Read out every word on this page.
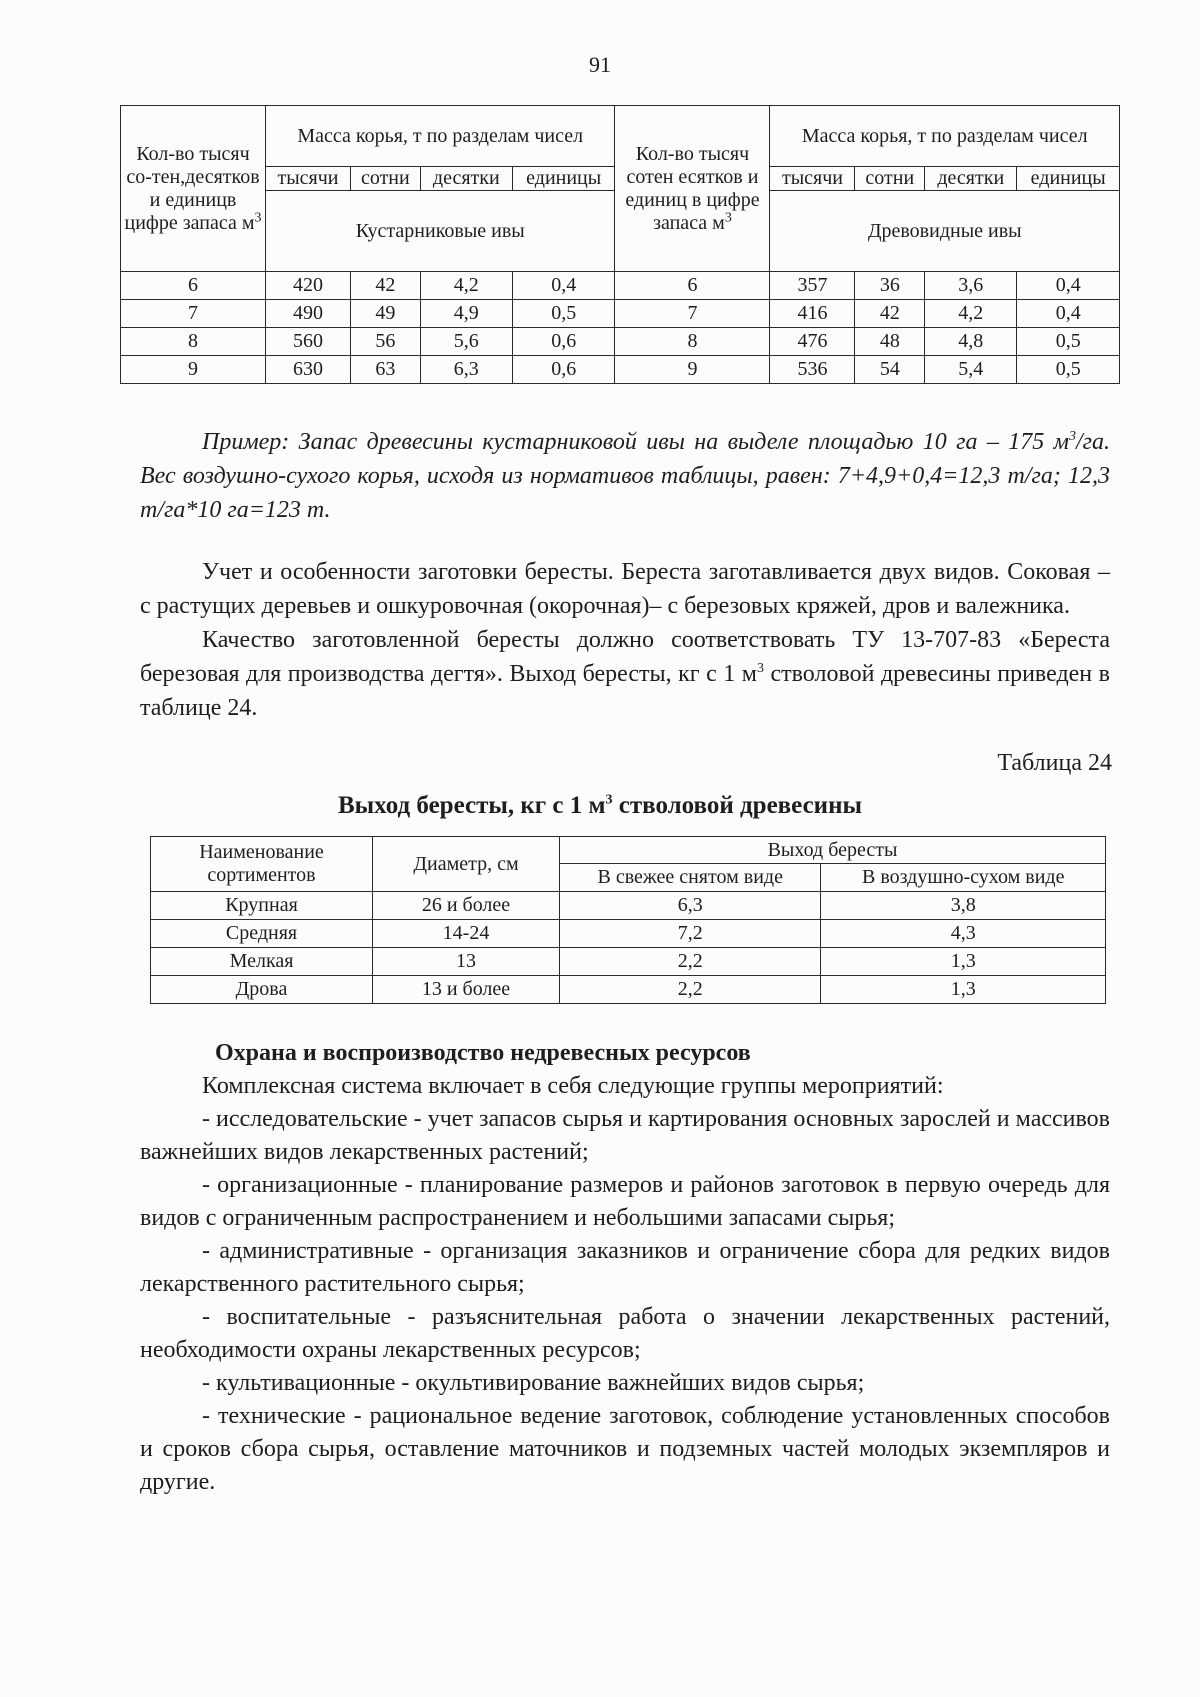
91
Кол-во тысяч со-тен,десятков и единицв цифре запаса $м^3$	Масса корья, т по разделам чисел				Кол-во тысяч сотен есятков и единиц в цифре запаса $м^3$	Масса корья, т по разделам чисел			
	тысячи	сотни	десятки	единицы		тысячи	сотни	десятки	единицы
	Кустарниковые ивы					Древовидные ивы			
6	420	42	4,2	0,4	6	357	36	3,6	0,4
7	490	49	4,9	0,5	7	416	42	4,2	0,4
8	560	56	5,6	0,6	8	476	48	4,8	0,5
9	630	63	6,3	0,6	9	536	54	5,4	0,5

Пример: Запас древесины кустарниковой ивы на выделе площадью 10 га – 175 $м^3/га$. Вес воздушно-сухого корья, исходя из нормативов таблицы, равен: 7+4,9+0,4=12,3 т/га; 12,3 т/га*10 га=123 т.

Учет и особенности заготовки бересты. Береста заготавливается двух видов. Соковая – с растущих деревьев и ошкуровочная (окорочная)– с березовых кряжей, дров и валежника.

Качество заготовленной бересты должно соответствовать ТУ 13-707-83 «Береста березовая для производства дегтя». Выход бересты, кг с 1 $м^3$ стволовой древесины приведен в таблице 24.

Таблица 24
Выход бересты, кг с 1 $м^3$ стволовой древесины
Наименование сортиментов	Диаметр, см	Выход бересты	
		В свежее снятом виде	В воздушно-сухом виде
Крупная	26 и более	6,3	3,8
Средняя	14-24	7,2	4,3
Мелкая	13	2,2	1,3
Дрова	13 и более	2,2	1,3
Охрана и воспроизводство недревесных ресурсов

Комплексная система включает в себя следующие группы мероприятий:

- исследовательские - учет запасов сырья и картирования основных зарослей и массивов важнейших видов лекарственных растений;

- организационные - планирование размеров и районов заготовок в первую очередь для видов с ограниченным распространением и небольшими запасами сырья;

- административные - организация заказников и ограничение сбора для редких видов лекарственного растительного сырья;

- воспитательные - разъяснительная работа о значении лекарственных растений, необходимости охраны лекарственных ресурсов;

- культивационные - окультивирование важнейших видов сырья;

- технические - рациональное ведение заготовок, соблюдение установленных способов и сроков сбора сырья, оставление маточников и подземных частей молодых экземпляров и другие.
